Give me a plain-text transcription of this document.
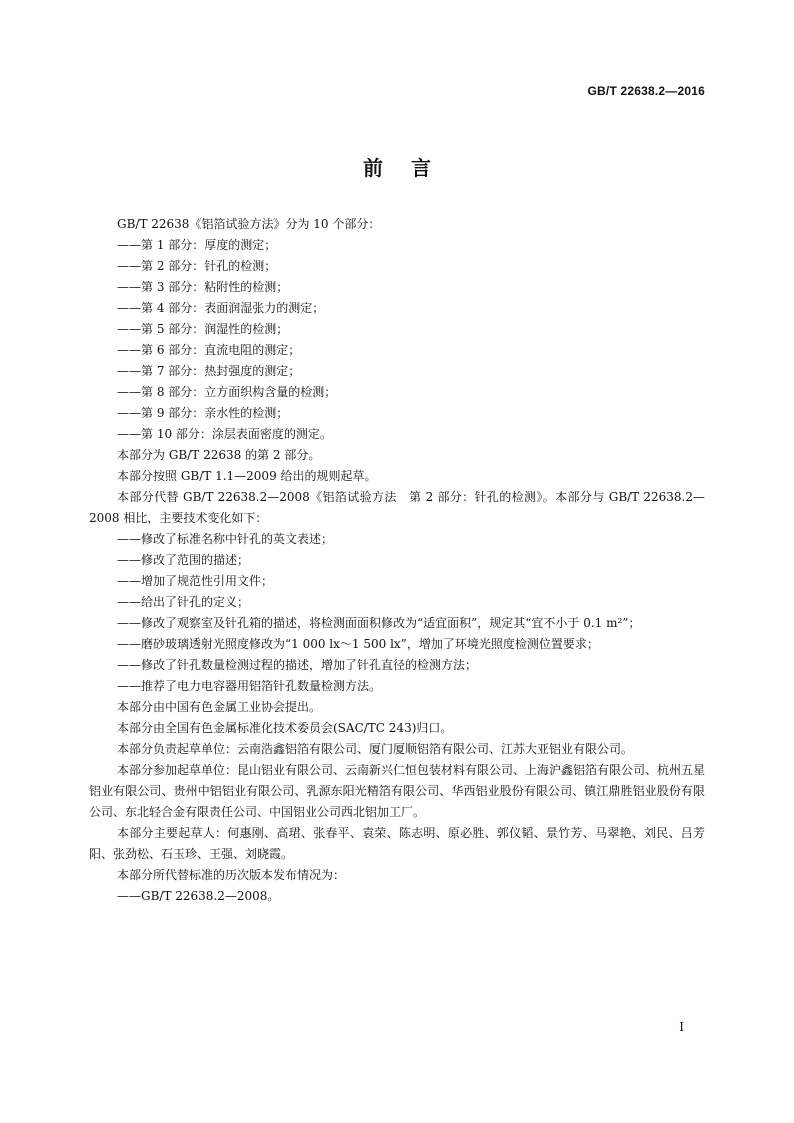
GB/T 22638.2—2016
前言

GB/T 22638《铝箔试验方法》分为 10 个部分：

——第 1 部分：厚度的测定；

——第 2 部分：针孔的检测；

——第 3 部分：粘附性的检测；

——第 4 部分：表面润湿张力的测定；

——第 5 部分：润湿性的检测；

——第 6 部分：直流电阻的测定；

——第 7 部分：热封强度的测定；

——第 8 部分：立方面织构含量的检测；

——第 9 部分：亲水性的检测；

——第 10 部分：涂层表面密度的测定。

本部分为 GB/T 22638 的第 2 部分。

本部分按照 GB/T 1.1—2009 给出的规则起草。

本部分代替 GB/T 22638.2—2008《铝箔试验方法　第 2 部分：针孔的检测》。本部分与 GB/T 22638.2—2008 相比，主要技术变化如下：

——修改了标准名称中针孔的英文表述；

——修改了范围的描述；

——增加了规范性引用文件；

——给出了针孔的定义；

——修改了观察室及针孔箱的描述，将检测面面积修改为“适宜面积”，规定其“宜不小于 0.1 m²”；

——磨砂玻璃透射光照度修改为“1 000 lx～1 500 lx”，增加了环境光照度检测位置要求；

——修改了针孔数量检测过程的描述，增加了针孔直径的检测方法；

——推荐了电力电容器用铝箔针孔数量检测方法。

本部分由中国有色金属工业协会提出。

本部分由全国有色金属标准化技术委员会(SAC/TC 243)归口。

本部分负责起草单位：云南浩鑫铝箔有限公司、厦门厦顺铝箔有限公司、江苏大亚铝业有限公司。

本部分参加起草单位：昆山铝业有限公司、云南新兴仁恒包装材料有限公司、上海沪鑫铝箔有限公司、杭州五星铝业有限公司、贵州中铝铝业有限公司、乳源东阳光精箔有限公司、华西铝业股份有限公司、镇江鼎胜铝业股份有限公司、东北轻合金有限责任公司、中国铝业公司西北铝加工厂。

本部分主要起草人：何惠刚、高珺、张春平、袁荣、陈志明、原必胜、郭仪韬、景竹芳、马翠艳、刘民、吕芳阳、张劲松、石玉珍、王强、刘晓霞。

本部分所代替标准的历次版本发布情况为：

——GB/T 22638.2—2008。

I
